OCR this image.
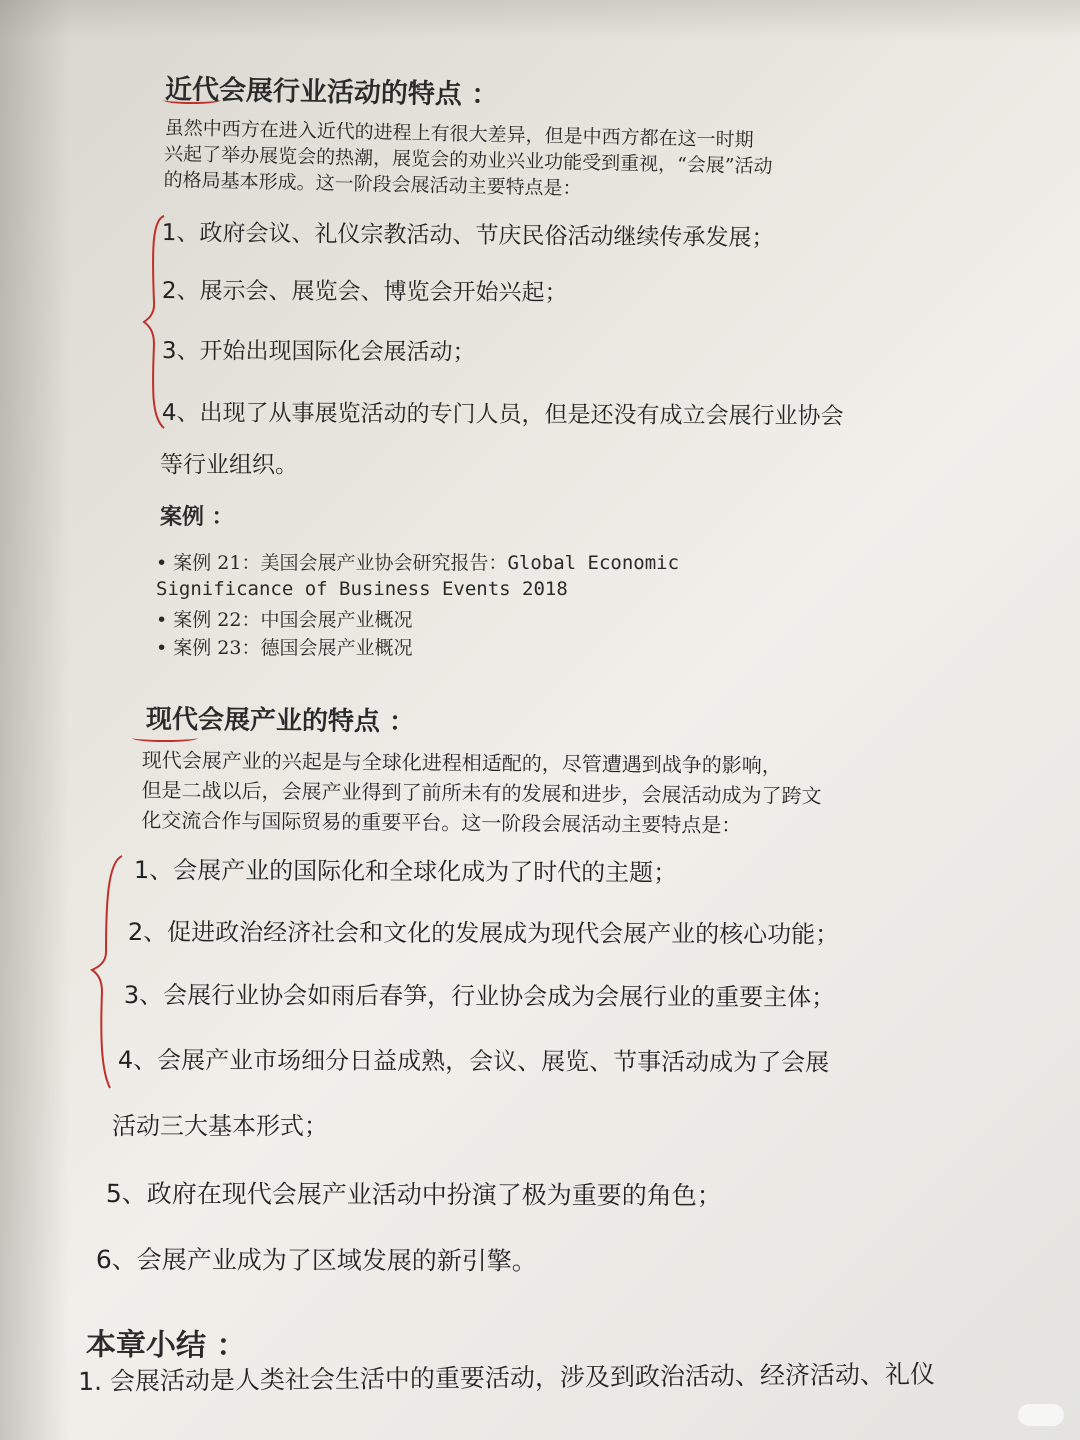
近代会展行业活动的特点 ：
虽然中西方在进入近代的进程上有很大差异，但是中西方都在这一时期
兴起了举办展览会的热潮，展览会的劝业兴业功能受到重视，“会展”活动
的格局基本形成。这一阶段会展活动主要特点是：
1、政府会议、礼仪宗教活动、节庆民俗活动继续传承发展；
2、展示会、展览会、博览会开始兴起；
3、开始出现国际化会展活动；
4、出现了从事展览活动的专门人员，但是还没有成立会展行业协会
等行业组织。
案例 ：
• 案例 21：美国会展产业协会研究报告：Global Economic
Significance of Business Events 2018
• 案例 22：中国会展产业概况
• 案例 23：德国会展产业概况
现代会展产业的特点 ：
现代会展产业的兴起是与全球化进程相适配的，尽管遭遇到战争的影响，
但是二战以后，会展产业得到了前所未有的发展和进步，会展活动成为了跨文
化交流合作与国际贸易的重要平台。这一阶段会展活动主要特点是：
1、会展产业的国际化和全球化成为了时代的主题；
2、促进政治经济社会和文化的发展成为现代会展产业的核心功能；
3、会展行业协会如雨后春笋，行业协会成为会展行业的重要主体；
4、会展产业市场细分日益成熟，会议、展览、节事活动成为了会展
活动三大基本形式；
5、政府在现代会展产业活动中扮演了极为重要的角色；
6、会展产业成为了区域发展的新引擎。
本章小结 ：
1. 会展活动是人类社会生活中的重要活动，涉及到政治活动、经济活动、礼仪
